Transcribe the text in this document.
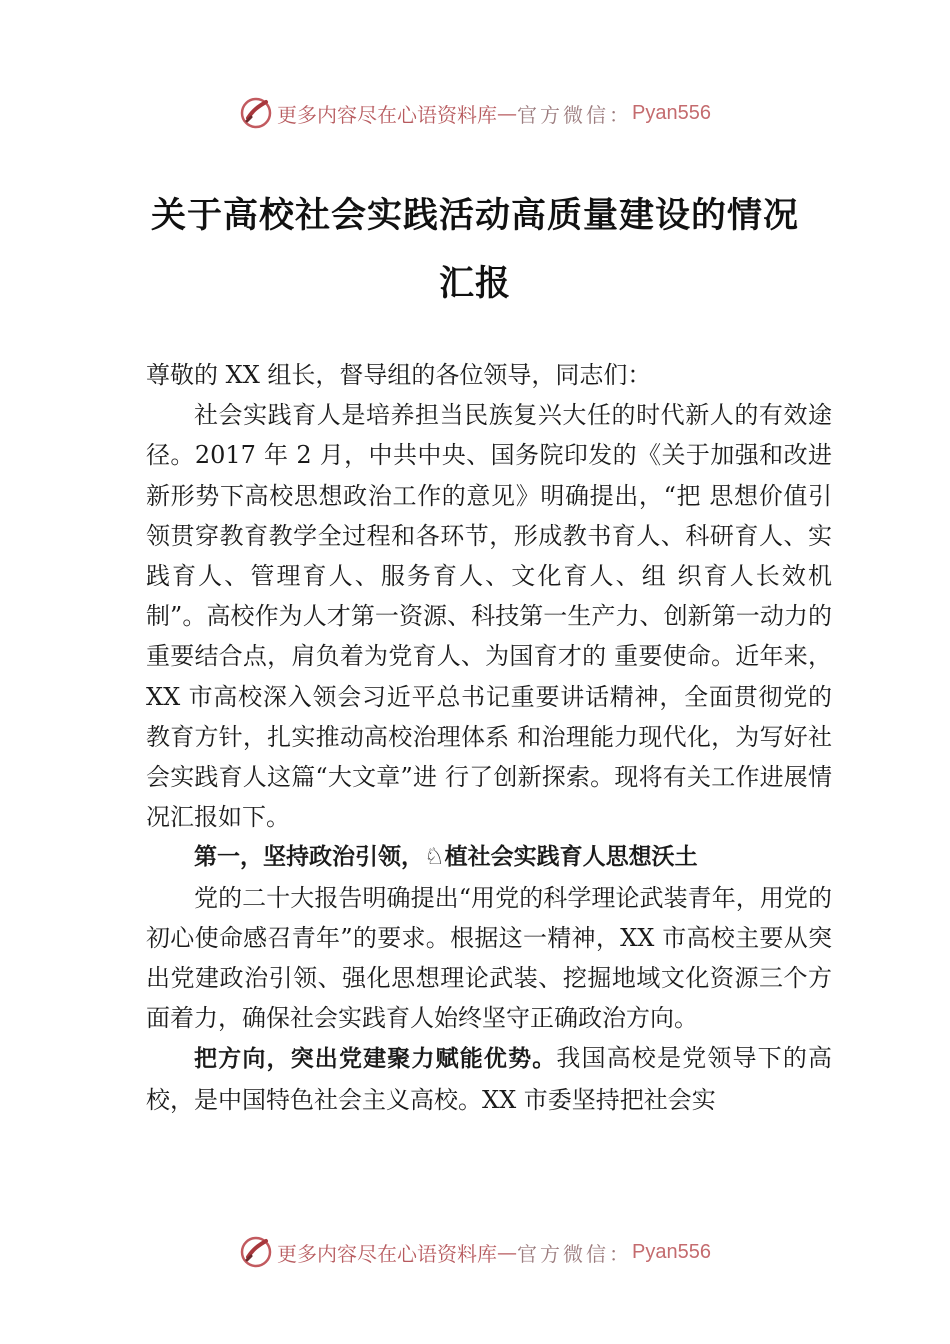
更多内容尽在心语资料库 — 官方微信： Pyan556
关于高校社会实践活动高质量建设的情况
汇报

尊敬的 XX 组长，督导组的各位领导，同志们：

社会实践育人是培养担当民族复兴大任的时代新人的有效途径。2017 年 2 月，中共中央、国务院印发的《关于加强和改进新形势下高校思想政治工作的意见》明确提出，“把 思想价值引领贯穿教育教学全过程和各环节，形成教书育人、科研育人、实践育人、管理育人、服务育人、文化育人、组 织育人长效机制”。高校作为人才第一资源、科技第一生产力、创新第一动力的重要结合点，肩负着为党育人、为国育才的 重要使命。近年来，XX 市高校深入领会习近平总书记重要讲话精神，全面贯彻党的教育方针，扎实推动高校治理体系 和治理能力现代化，为写好社会实践育人这篇“大文章”进 行了创新探索。现将有关工作进展情况汇报如下。

第一，坚持政治引领，♘植社会实践育人思想沃土

党的二十大报告明确提出“用党的科学理论武装青年，用党的初心使命感召青年”的要求。根据这一精神，XX 市高校主要从突出党建政治引领、强化思想理论武装、挖掘地域文化资源三个方面着力，确保社会实践育人始终坚守正确政治方向。

把方向，突出党建聚力赋能优势。我国高校是党领导下的高校，是中国特色社会主义高校。XX 市委坚持把社会实

更多内容尽在心语资料库 — 官方微信： Pyan556
